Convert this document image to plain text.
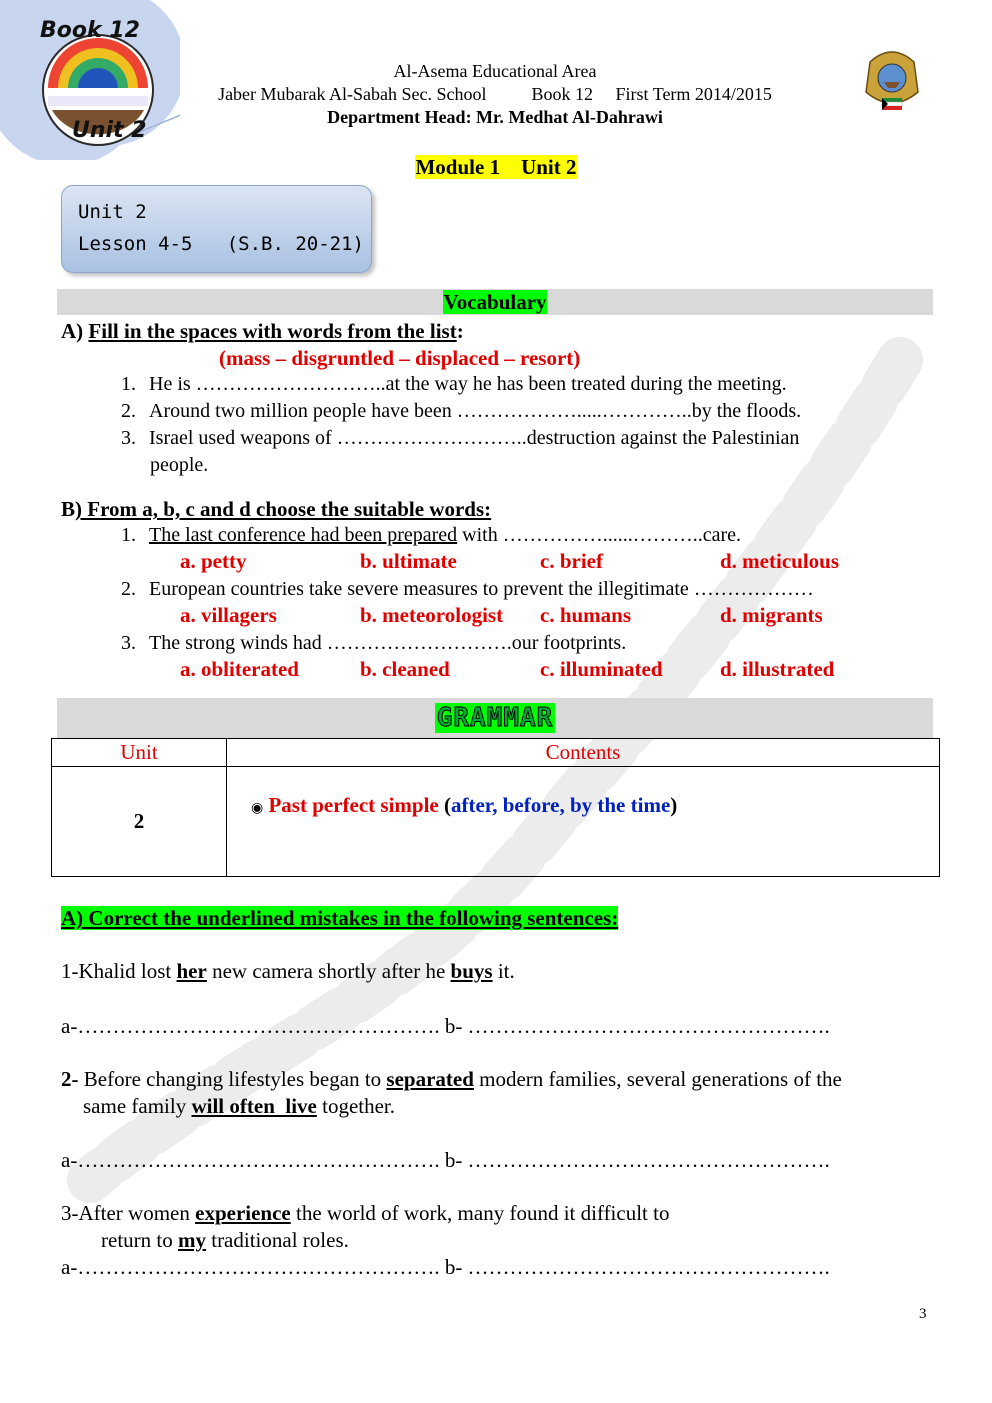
Book 12
Unit 2
Al-Asema Educational Area
Jaber Mubarak Al-Sabah Sec. School	Book 12 First Term 2014/2015
Department Head: Mr. Medhat Al-Dahrawi
Module 1    Unit 2
Unit 2
Lesson 4-5   (S.B. 20-21)
Vocabulary
A) Fill in the spaces with words from the list:
(mass – disgruntled – displaced – resort)
1. He is ………………………..at the way he has been treated during the meeting.
2. Around two million people have been ……………….....…………..by the floods.
3. Israel used weapons of ………………………..destruction against the Palestinian
people.
B) From a, b, c and d choose the suitable words:
1. The last conference had been prepared with ……………......………..care.
a. petty	b. ultimate	c. brief	d. meticulous
2. European countries take severe measures to prevent the illegitimate ………………
a. villagers	b. meteorologist c. humans	d. migrants
3. The strong winds had ……………………….our footprints.
a. obliterated	b. cleaned	c. illuminated	d. illustrated
GRAMMAR
Unit	Contents
2	◉ Past perfect simple (after, before, by the time)
A) Correct the underlined mistakes in the following sentences:
1-Khalid lost her new camera shortly after he buys it.
a-……………………………………………. b- …………………………………………….
2- Before changing lifestyles began to separated modern families, several generations of the
same family will often  live together.
a-……………………………………………. b- …………………………………………….
3-After women experience the world of work, many found it difficult to
return to my traditional roles.
a-……………………………………………. b- …………………………………………….
3
